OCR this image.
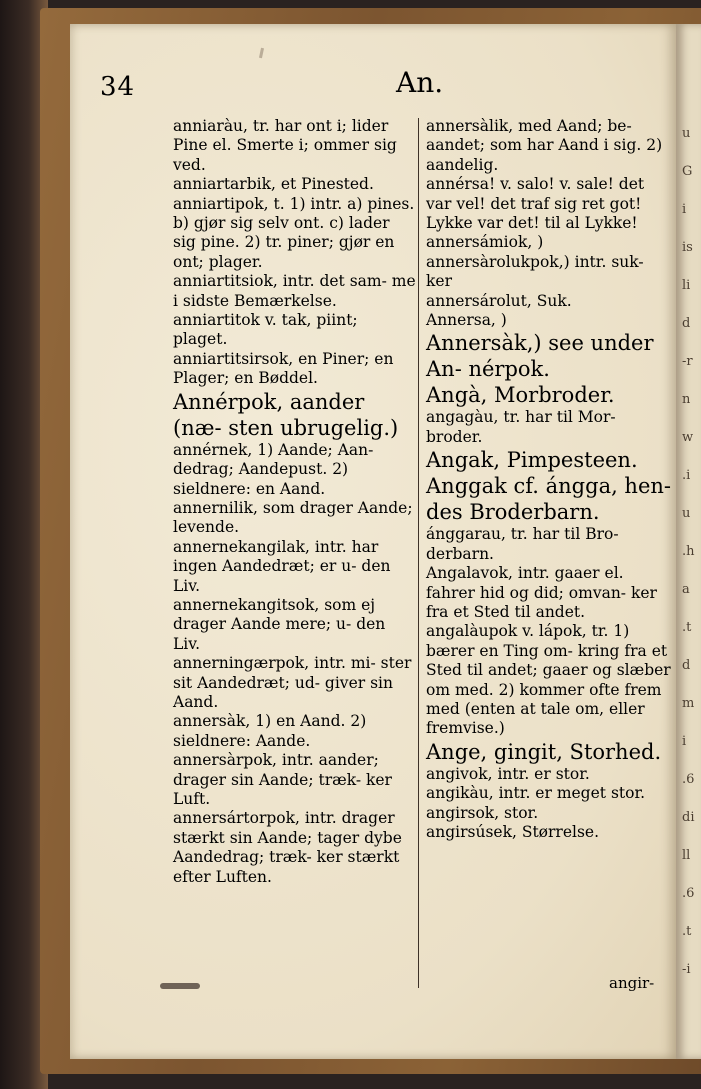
u
G
i
is
li
d
-r
n
w
.i
u
.h
a
.t
d
m
i
.6
di
ll
.6
.t
-i
34	An.
anniaràu, tr. har ont i; lider Pine el. Smerte i; ommer sig ved.
anniartarbik, et Pinested.
anniartipok, t. 1) intr. a) pines. b) gjør sig selv ont. c) lader sig pine. 2) tr. piner; gjør en ont; plager.
anniartitsiok, intr. det sam- me i sidste Bemærkelse.
anniartitok v. tak, piint; plaget.
anniartitsirsok, en Piner; en Plager; en Bøddel.
Annérpok, aander (næ- sten ubrugelig.)
annérnek, 1) Aande; Aan- dedrag; Aandepust. 2) sieldnere: en Aand.
annernilik, som drager Aande; levende.
annernekangilak, intr. har ingen Aandedræt; er u- den Liv.
annernekangitsok, som ej drager Aande mere; u- den Liv.
annerningærpok, intr. mi- ster sit Aandedræt; ud- giver sin Aand.
annersàk, 1) en Aand. 2) sieldnere: Aande.
annersàrpok, intr. aander; drager sin Aande; træk- ker Luft.
annersártorpok, intr. drager stærkt sin Aande; tager dybe Aandedrag; træk- ker stærkt efter Luften.
annersàlik, med Aand; be- aandet; som har Aand i sig. 2) aandelig.
annérsa! v. salo! v. sale! det var vel! det traf sig ret got! Lykke var det! til al Lykke!
annersámiok, )
annersàrolukpok,) intr. suk- ker
annersárolut, Suk.
Annersa, )
Annersàk,) see under An- nérpok.
Angà, Morbroder.
angagàu, tr. har til Mor- broder.
Angak, Pimpesteen.
Anggak cf. ángga, hen- des Broderbarn.
ánggarau, tr. har til Bro- derbarn.
Angalavok, intr. gaaer el. fahrer hid og did; omvan- ker fra et Sted til andet.
angalàupok v. lápok, tr. 1) bærer en Ting om- kring fra et Sted til andet; gaaer og slæber om med. 2) kommer ofte frem med (enten at tale om, eller fremvise.)
Ange, gingit, Storhed.
angivok, intr. er stor.
angikàu, intr. er meget stor.
angirsok, stor.
angirsúsek, Størrelse.
angir-
